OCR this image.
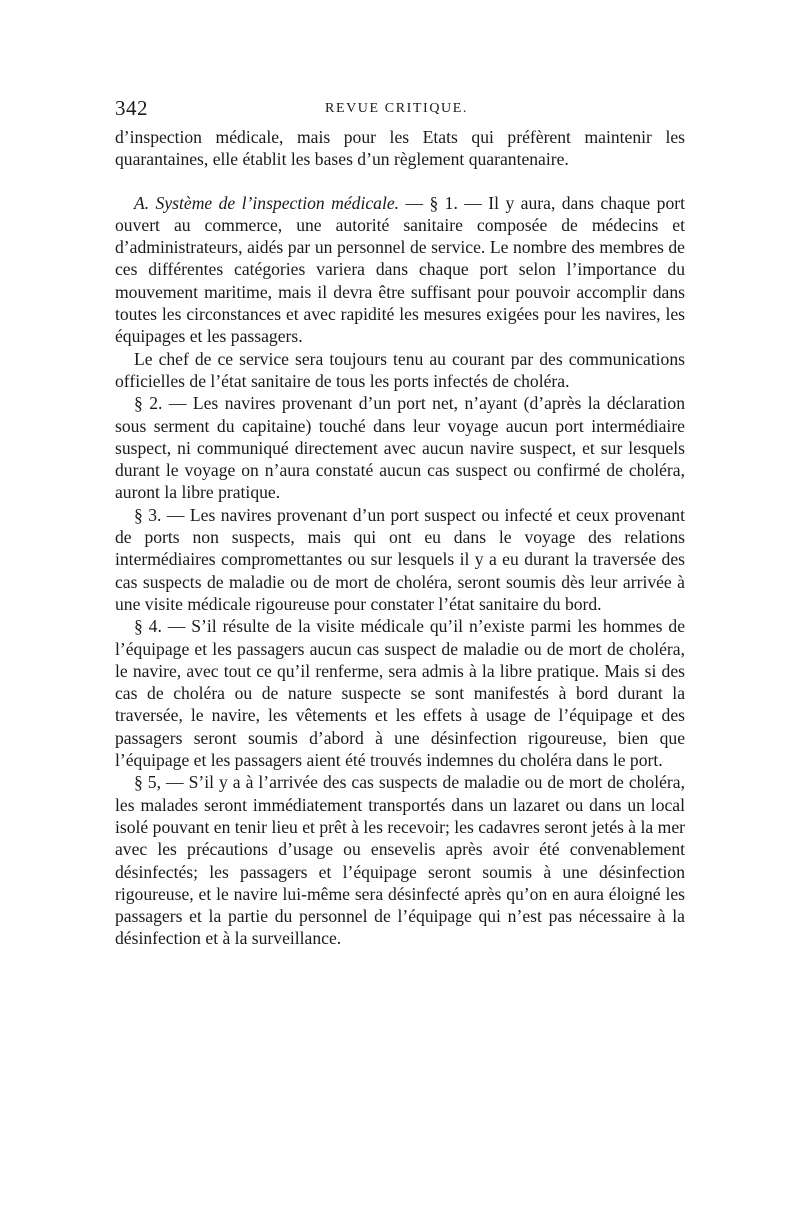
342	REVUE CRITIQUE.

d’inspection médicale, mais pour les Etats qui préfèrent maintenir les quarantaines, elle établit les bases d’un règlement quarantenaire.

A. Système de l’inspection médicale. — § 1. — Il y aura, dans chaque port ouvert au commerce, une autorité sanitaire composée de médecins et d’administrateurs, aidés par un personnel de service. Le nombre des membres de ces différentes catégories variera dans chaque port selon l’importance du mouvement maritime, mais il devra être suffisant pour pouvoir accomplir dans toutes les circonstances et avec rapidité les mesures exigées pour les navires, les équipages et les passagers.

Le chef de ce service sera toujours tenu au courant par des communications officielles de l’état sanitaire de tous les ports infectés de choléra.

§ 2. — Les navires provenant d’un port net, n’ayant (d’après la déclaration sous serment du capitaine) touché dans leur voyage aucun port intermédiaire suspect, ni communiqué directement avec aucun navire suspect, et sur lesquels durant le voyage on n’aura constaté aucun cas suspect ou confirmé de choléra, auront la libre pratique.

§ 3. — Les navires provenant d’un port suspect ou infecté et ceux provenant de ports non suspects, mais qui ont eu dans le voyage des relations intermédiaires compromettantes ou sur lesquels il y a eu durant la traversée des cas suspects de maladie ou de mort de choléra, seront soumis dès leur arrivée à une visite médicale rigoureuse pour constater l’état sanitaire du bord.

§ 4. — S’il résulte de la visite médicale qu’il n’existe parmi les hommes de l’équipage et les passagers aucun cas suspect de maladie ou de mort de choléra, le navire, avec tout ce qu’il renferme, sera admis à la libre pratique. Mais si des cas de choléra ou de nature suspecte se sont manifestés à bord durant la traversée, le navire, les vêtements et les effets à usage de l’équipage et des passagers seront soumis d’abord à une désinfection rigoureuse, bien que l’équipage et les passagers aient été trouvés indemnes du choléra dans le port.

§ 5, — S’il y a à l’arrivée des cas suspects de maladie ou de mort de choléra, les malades seront immédiatement transportés dans un lazaret ou dans un local isolé pouvant en tenir lieu et prêt à les recevoir; les cadavres seront jetés à la mer avec les précautions d’usage ou ensevelis après avoir été convenablement désinfectés; les passagers et l’équipage seront soumis à une désinfection rigoureuse, et le navire lui-même sera désinfecté après qu’on en aura éloigné les passagers et la partie du personnel de l’équipage qui n’est pas nécessaire à la désinfection et à la surveillance.
